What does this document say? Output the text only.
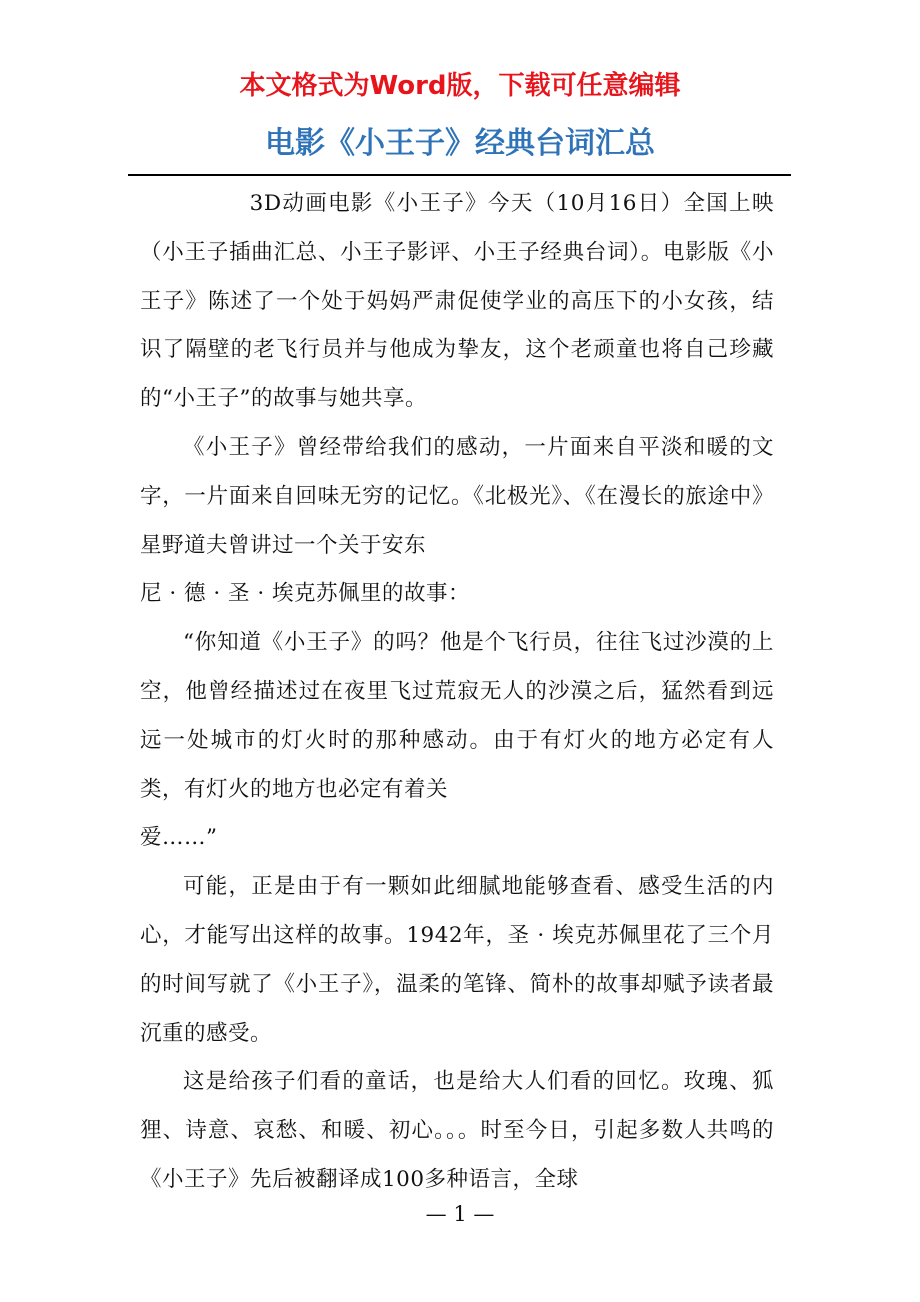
本文格式为Word版，下载可任意编辑
电影《小王子》经典台词汇总

3D动画电影《小王子》今天（10月16日）全国上映（小王子插曲汇总、小王子影评、小王子经典台词）。电影版《小王子》陈述了一个处于妈妈严肃促使学业的高压下的小女孩，结识了隔壁的老飞行员并与他成为挚友，这个老顽童也将自己珍藏的“小王子”的故事与她共享。

《小王子》曾经带给我们的感动，一片面来自平淡和暖的文字，一片面来自回味无穷的记忆。《北极光》、《在漫长的旅途中》星野道夫曾讲过一个关于安东
尼 · 德 · 圣 · 埃克苏佩里的故事：

“你知道《小王子》的吗？他是个飞行员，往往飞过沙漠的上空，他曾经描述过在夜里飞过荒寂无人的沙漠之后，猛然看到远远一处城市的灯火时的那种感动。由于有灯火的地方必定有人类，有灯火的地方也必定有着关
爱……”

可能，正是由于有一颗如此细腻地能够查看、感受生活的内心，才能写出这样的故事。1942年，圣 · 埃克苏佩里花了三个月的时间写就了《小王子》，温柔的笔锋、简朴的故事却赋予读者最沉重的感受。

这是给孩子们看的童话，也是给大人们看的回忆。玫瑰、狐狸、诗意、哀愁、和暖、初心。。。时至今日，引起多数人共鸣的《小王子》先后被翻译成100多种语言，全球

— 1 —
